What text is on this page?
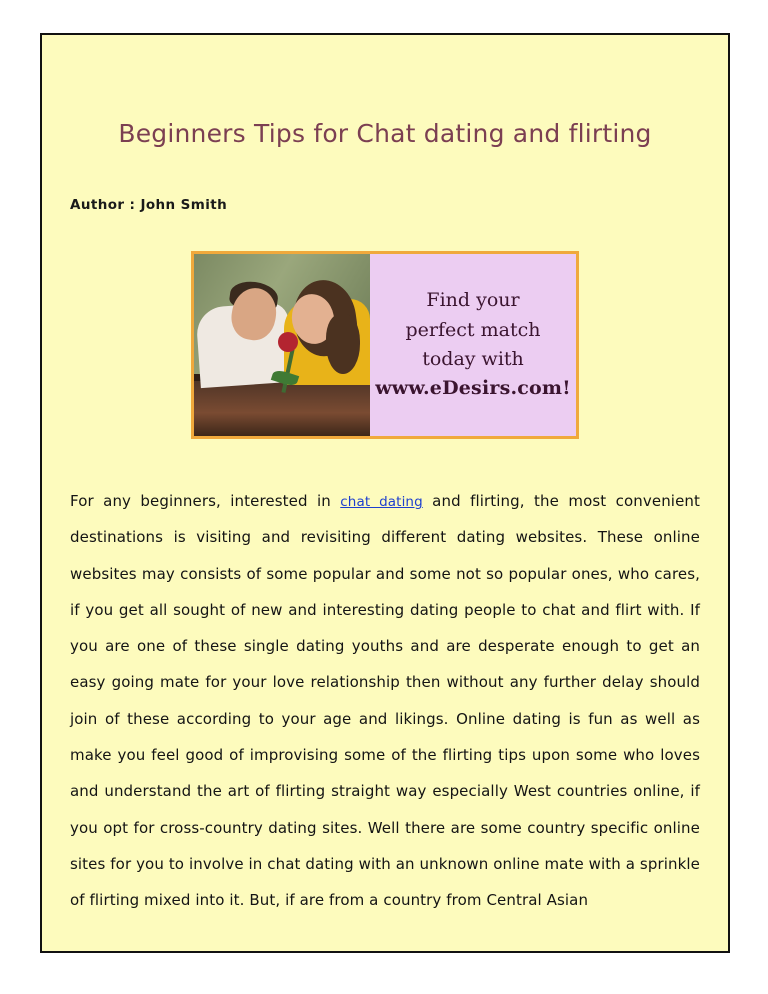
Beginners Tips for Chat dating and flirting
Author : John Smith
Find your
perfect match
today with
www.eDesirs.com!
For any beginners, interested in chat dating and flirting, the most convenient destinations is visiting and revisiting different dating websites. These online websites may consists of some popular and some not so popular ones, who cares, if you get all sought of new and interesting dating people to chat and flirt with. If you are one of these single dating youths and are desperate enough to get an easy going mate for your love relationship then without any further delay should join of these according to your age and likings. Online dating is fun as well as make you feel good of improvising some of the flirting tips upon some who loves and understand the art of flirting straight way especially West countries online, if you opt for cross-country dating sites. Well there are some country specific online sites for you to involve in chat dating with an unknown online mate with a sprinkle of flirting mixed into it. But, if are from a country from Central Asian
